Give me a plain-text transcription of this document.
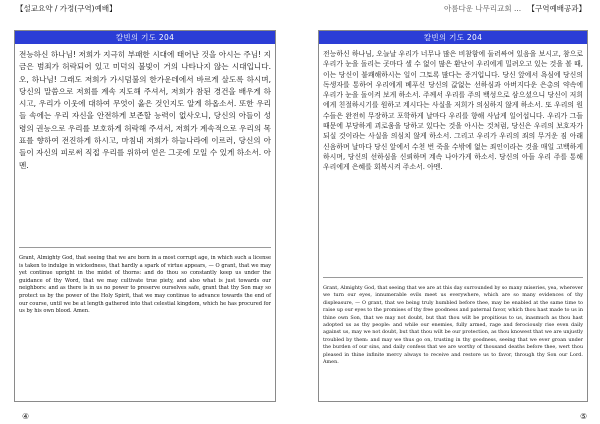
【설교요약 / 가정(구역)예배】	아름다운 나무리교회 ... 【구역예배공과】
칼빈의 기도 204
전능하신 하나님! 저희가 지극히 부패한 시대에 태어난 것을 아시는 주님! 지금은 범죄가 허락되어 있고 미덕의 불빛이 거의 나타나지 않는 시대입니다. 오, 하나님! 그래도 저희가 가시덤불의 한가운데에서 바르게 살도록 하시며, 당신의 말씀으로 저희를 계속 지도해 주셔서, 저희가 참된 경건을 배우게 하시고, 우리가 이웃에 대하여 무엇이 옳은 것인지도 알게 하옵소서. 또한 우리들 속에는 우리 자신을 안전하게 보존할 능력이 없사오니, 당신의 아들이 성령의 권능으로 우리를 보호하게 허락해 주셔서, 저희가 계속적으로 우리의 목표를 향하여 전진하게 하시고, 마침내 저희가 하늘나라에 이르러, 당신의 아들이 자신의 피로써 직접 우리를 위하여 얻은 그곳에 모일 수 있게 하소서. 아멘.
Grant, Almighty God, that seeing that we are born in a most corrupt age, in which such a license is taken to indulge in wickedness, that hardly a spark of virtue appears, — O grant, that we may yet continue upright in the midst of thorns: and do thou so constantly keep us under the guidance of thy Word, that we may cultivate true piety, and also what is just towards our neighbors: and as there is in us no power to preserve ourselves safe, grant that thy Son may so protect us by the power of the Holy Spirit, that we may continue to advance towards the end of our course, until we be at length gathered into that celestial kingdom, which he has procured for us by his own blood. Amen.
칼빈의 기도 204
전능하신 하나님, 오늘날 우리가 너무나 많은 비참함에 둘러싸여 있음을 보시고, 참으로 우리가 눈을 돌리는 곳마다 셀 수 없이 많은 환난이 우리에게 밀려오고 있는 것을 볼 때, 이는 당신이 불쾌해하시는 일이 그토록 많다는 증거입니다. 당신 앞에서 욕심에 당신의 독생자를 통하여 우리에게 베푸신 당신의 값없는 선하심과 아버지다운 은총의 약속에 우리가 눈을 돌이켜 보게 하소서. 주께서 우리를 주의 백성으로 삼으셨으니 당신이 저희에게 친절하시기를 원하고 계시다는 사실을 저희가 의심하지 않게 하소서. 또 우리의 원수들은 완전히 무장하고 포학하게 날마다 우리를 향해 사납게 일어섭니다. 우리가 그들 때문에 부당하게 괴로움을 당하고 있다는 것을 아시는 것처럼, 당신은 우리의 보호자가 되실 것이라는 사실을 의심치 않게 하소서. 그리고 우리가 우리의 죄의 무거운 짐 아래 신음하며 날마다 당신 앞에서 수천 번 죽을 수밖에 없는 죄인이라는 것을 매일 고백하게 하시며, 당신의 선하심을 신뢰하며 계속 나아가게 하소서. 당신의 아들 우리 주를 통해 우리에게 은혜를 회복시켜 주소서. 아멘.
Grant, Almighty God, that seeing that we are at this day surrounded by so many miseries, yea, wherever we turn our eyes, innumerable evils meet us everywhere, which are so many evidences of thy displeasure, — O grant, that we being truly humbled before thee, may be enabled at the same time to raise up our eyes to the promises of thy free goodness and paternal favor, which thou hast made to us in thine own Son, that we may not doubt, but that thou wilt be propitious to us, inasmuch as thou hast adopted us as thy people: and while our enemies, fully armed, rage and ferociously rise even daily against us, may we not doubt, but that thou wilt be our protection, as thou knowest that we are unjustly troubled by them: and may we thus go on, trusting in thy goodness, seeing that we ever groan under the burden of our sins, and daily confess that we are worthy of thousand deaths before thee, wert thou pleased in thine infinite mercy always to receive and restore us to favor, through thy Son our Lord. Amen.
④	⑤
